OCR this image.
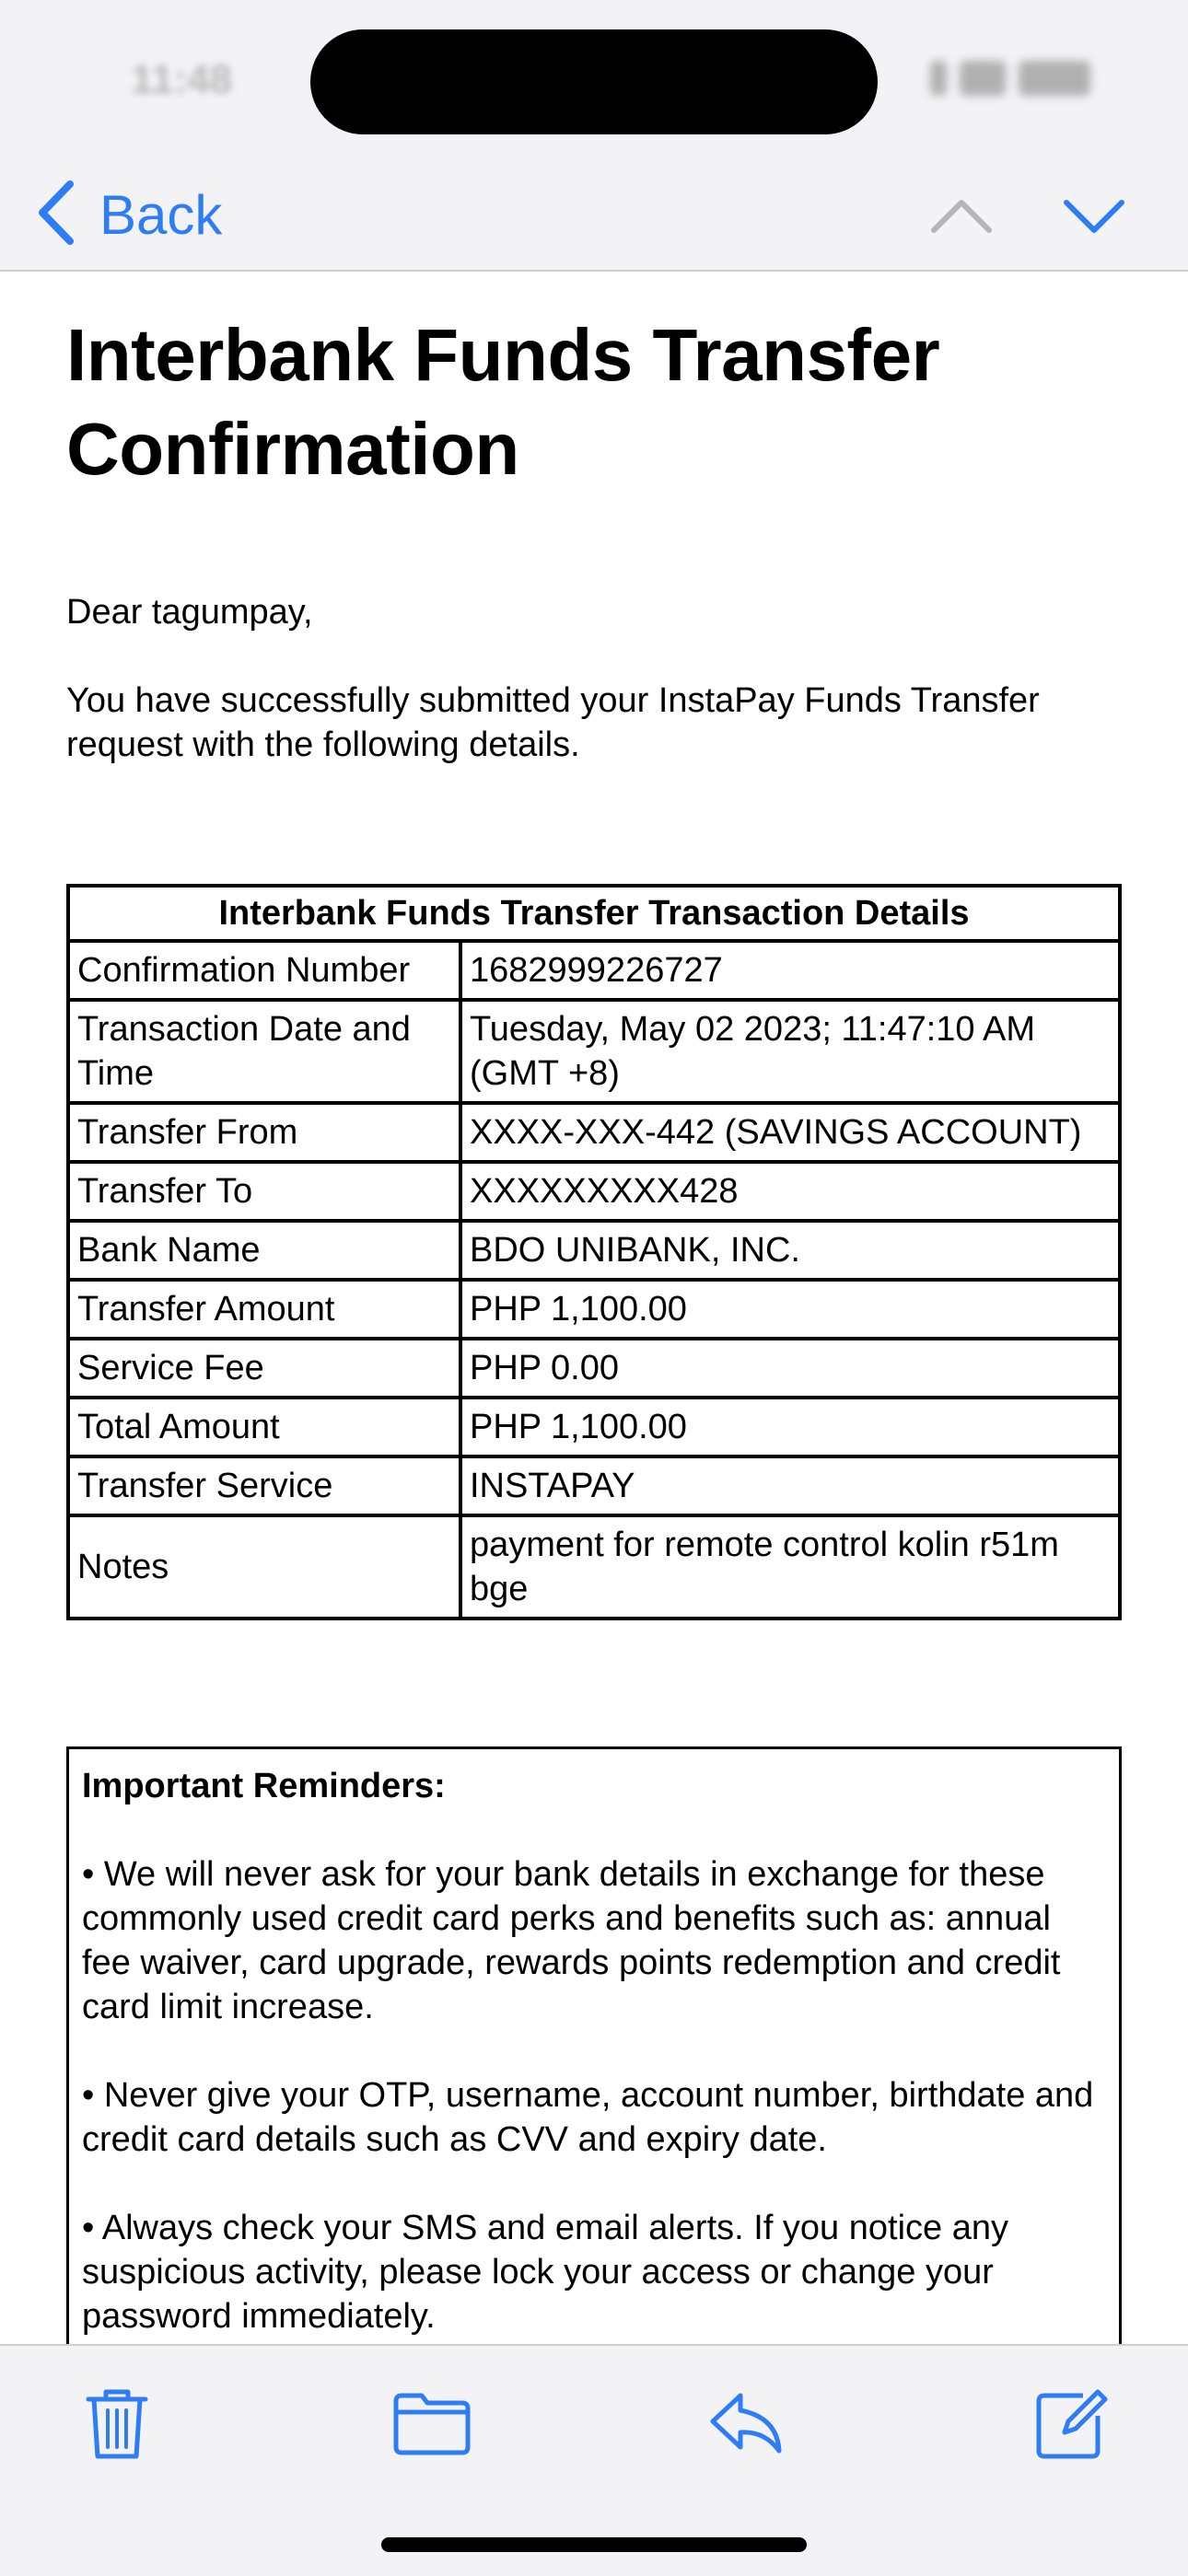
11:48
Back
Interbank Funds Transfer Confirmation

Dear tagumpay,

You have successfully submitted your InstaPay Funds Transfer request with the following details.

Interbank Funds Transfer Transaction Details	
Confirmation Number	1682999226727
Transaction Date and Time	Tuesday, May 02 2023; 11:47:10 AM (GMT +8)
Transfer From	XXXX-XXX-442 (SAVINGS ACCOUNT)
Transfer To	XXXXXXXXX428
Bank Name	BDO UNIBANK, INC.
Transfer Amount	PHP 1,100.00
Service Fee	PHP 0.00
Total Amount	PHP 1,100.00
Transfer Service	INSTAPAY
Notes	payment for remote control kolin r51m bge
Important Reminders:

• We will never ask for your bank details in exchange for these commonly used credit card perks and benefits such as: annual fee waiver, card upgrade, rewards points redemption and credit card limit increase.

• Never give your OTP, username, account number, birthdate and credit card details such as CVV and expiry date.

• Always check your SMS and email alerts. If you notice any suspicious activity, please lock your access or change your password immediately.
